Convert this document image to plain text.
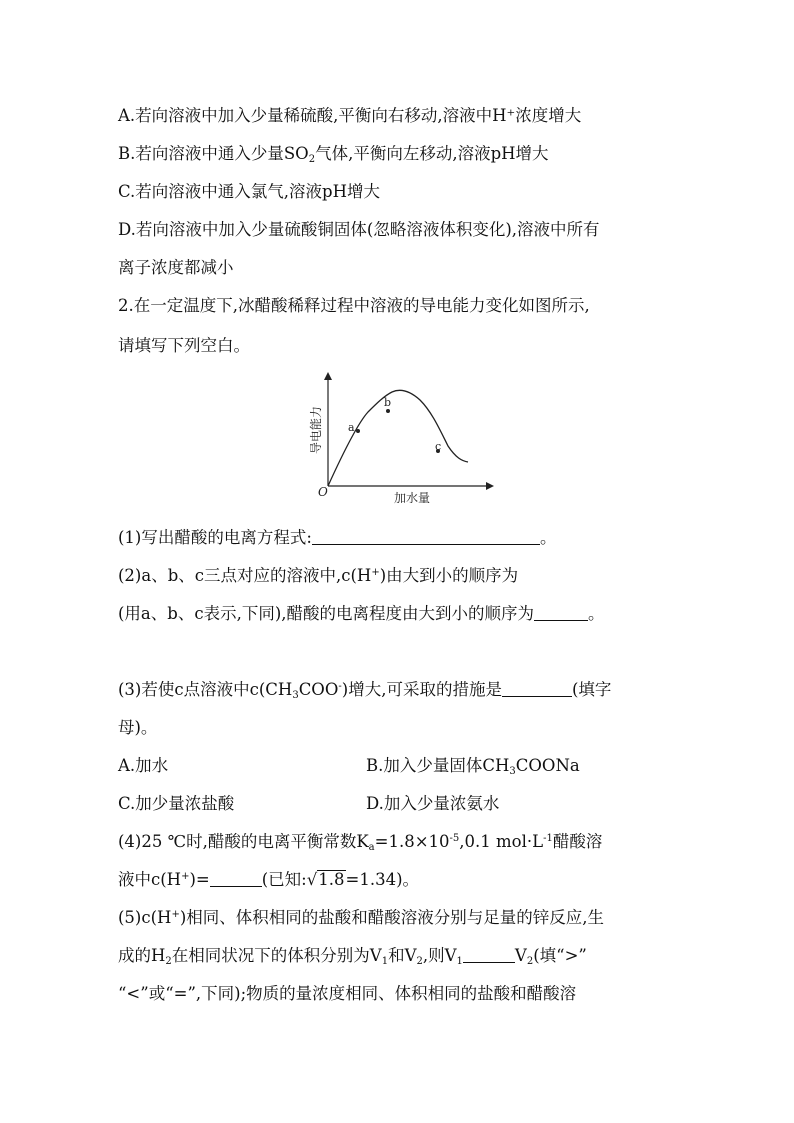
A.若向溶液中加入少量稀硫酸,平衡向右移动,溶液中H⁺浓度增大
B.若向溶液中通入少量$SO_2$气体,平衡向左移动,溶液pH增大
C.若向溶液中通入氯气,溶液pH增大
D.若向溶液中加入少量硫酸铜固体(忽略溶液体积变化),溶液中所有
离子浓度都减小
2.在一定温度下,冰醋酸稀释过程中溶液的导电能力变化如图所示,
请填写下列空白。
a
b
c
O	加水量
导电能力
(1)写出醋酸的电离方程式:	。
(2)a、b、c三点对应的溶液中,c(H+)由大到小的顺序为
(用a、b、c表示,下同),醋酸的电离程度由大到小的顺序为	。
(3)若使c点溶液中$c(CH_3COO^-)$增大,可采取的措施是	(填字
母)。
A.加水	B.加入少量固体$CH_3COONa$
C.加少量浓盐酸	D.加入少量浓氨水
(4)25 ℃时,醋酸的电离平衡常数$K_a=1.8\times 10^{-5},0.1$ $mol\cdot L^{-1}$醋酸溶
液中c(H+)=	(已知:√1.8=1.34)。
(5)c(H+)相同、体积相同的盐酸和醋酸溶液分别与足量的锌反应,生
成的$H_2$在相同状况下的体积分别为$V_1$和$V_2$,则$V_1$	$V_2$(填“>”
“<”或“=”,下同);物质的量浓度相同、体积相同的盐酸和醋酸溶
